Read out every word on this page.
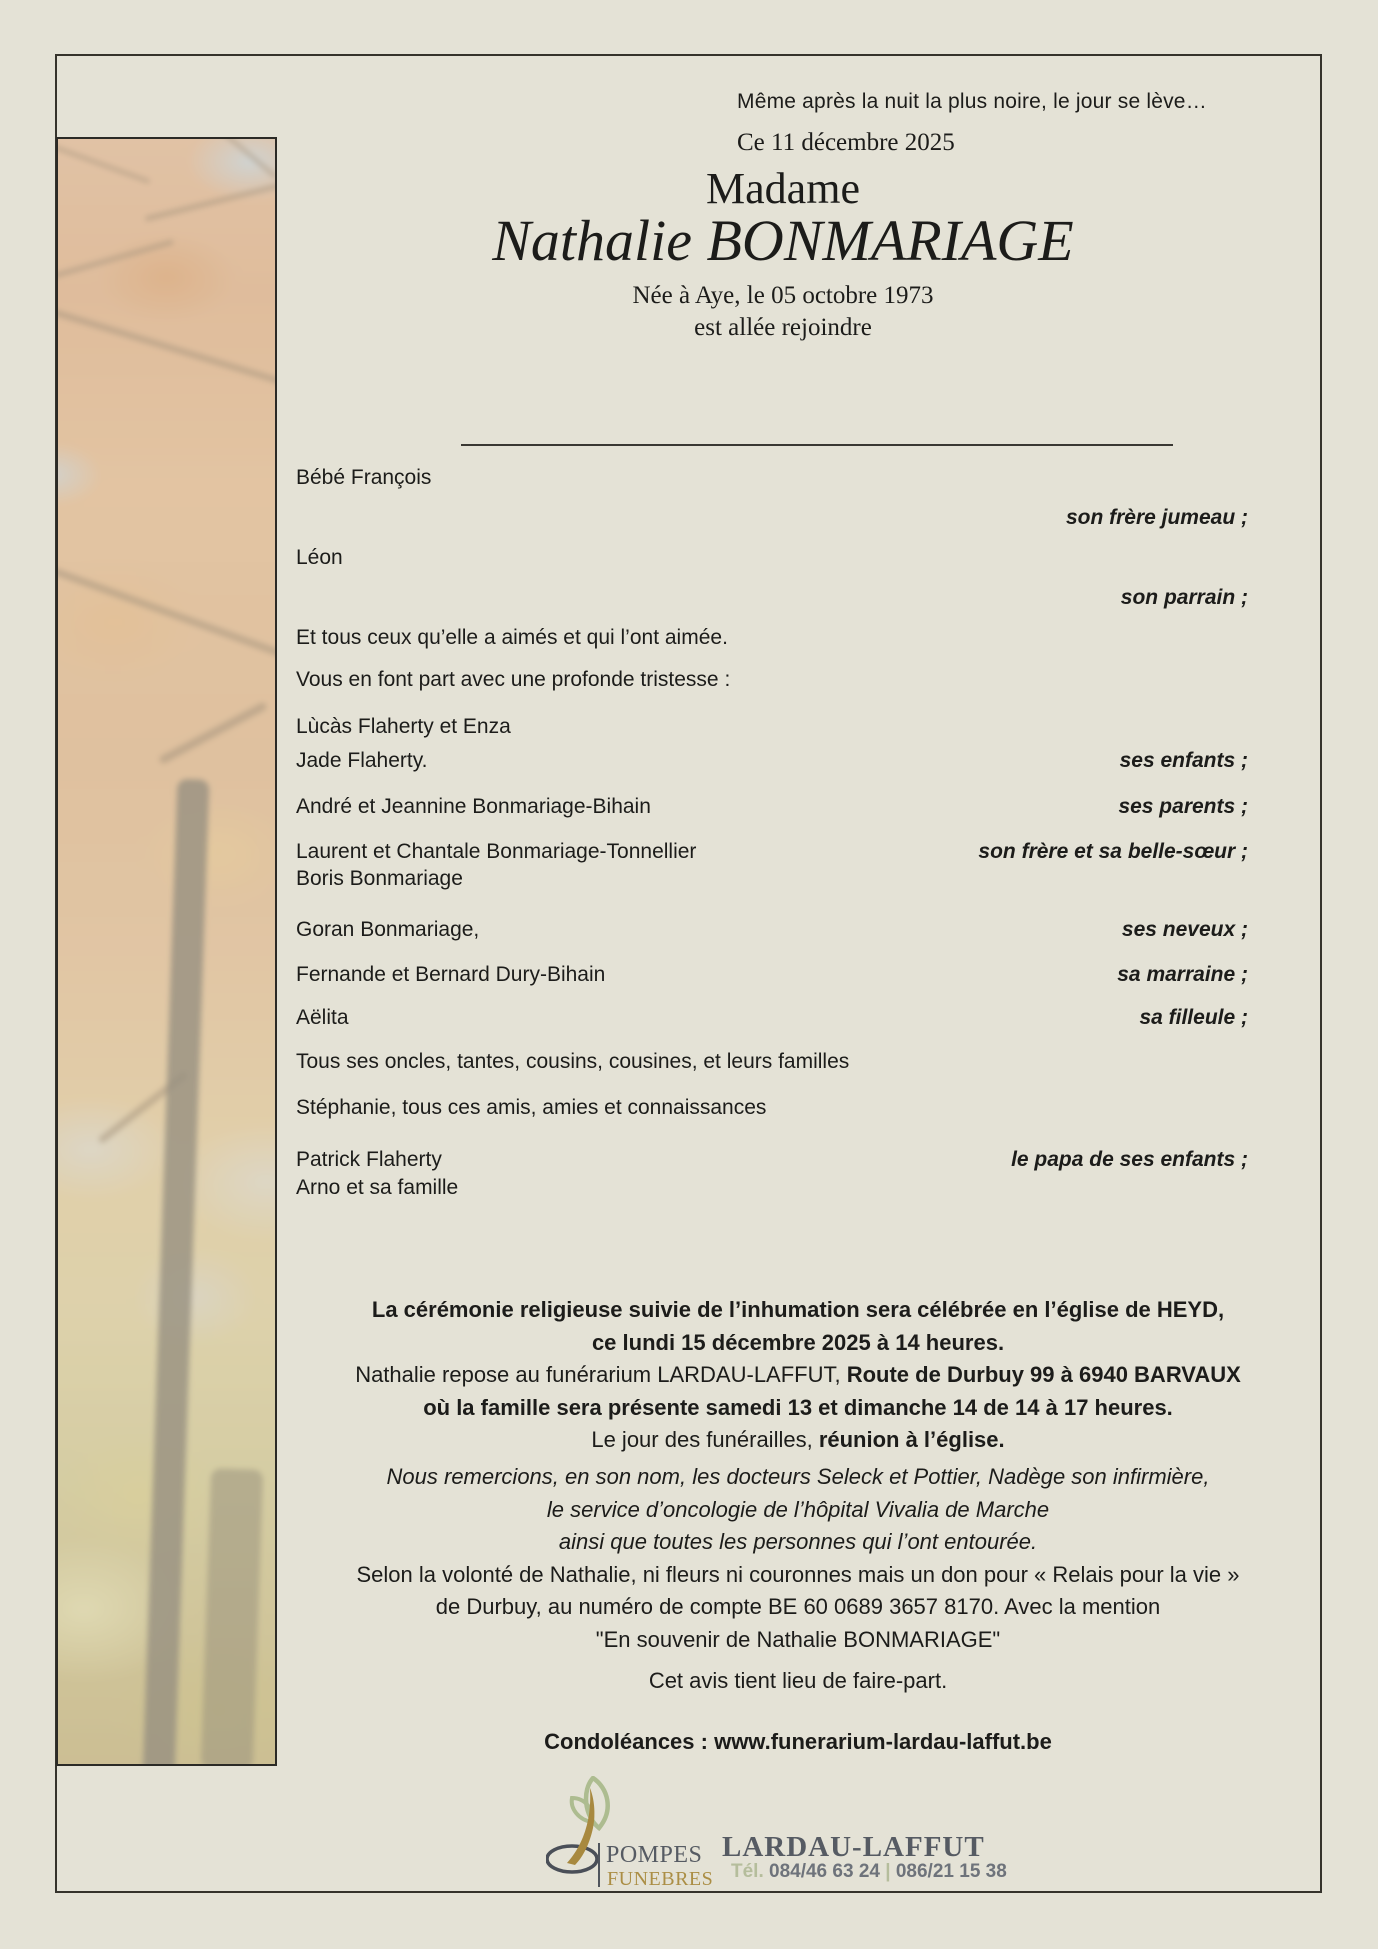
Même après la nuit la plus noire, le jour se lève…
Ce 11 décembre 2025
Madame
Nathalie BONMARIAGE
Née à Aye, le 05 octobre 1973
est allée rejoindre
Bébé François
son frère jumeau ;
Léon
son parrain ;
Et tous ceux qu’elle a aimés et qui l’ont aimée.
Vous en font part avec une profonde tristesse :
Lùcàs Flaherty et Enza
Jade Flaherty.	ses enfants ;
André et Jeannine Bonmariage-Bihain	ses parents ;
Laurent et Chantale Bonmariage-Tonnellier	son frère et sa belle-sœur ;
Boris Bonmariage
Goran Bonmariage,	ses neveux ;
Fernande et Bernard Dury-Bihain	sa marraine ;
Aëlita	sa filleule ;
Tous ses oncles, tantes, cousins, cousines, et leurs familles
Stéphanie, tous ces amis, amies et connaissances
Patrick Flaherty	le papa de ses enfants ;
Arno et sa famille
La cérémonie religieuse suivie de l’inhumation sera célébrée en l’église de HEYD,
ce lundi 15 décembre 2025 à 14 heures.
Nathalie repose au funérarium LARDAU-LAFFUT, Route de Durbuy 99 à 6940 BARVAUX
où la famille sera présente samedi 13 et dimanche 14 de 14 à 17 heures.
Le jour des funérailles, réunion à l’église.
Nous remercions, en son nom, les docteurs Seleck et Pottier, Nadège son infirmière,
le service d’oncologie de l’hôpital Vivalia de Marche
ainsi que toutes les personnes qui l’ont entourée.
Selon la volonté de Nathalie, ni fleurs ni couronnes mais un don pour « Relais pour la vie »
de Durbuy, au numéro de compte BE 60 0689 3657 8170. Avec la mention
"En souvenir de Nathalie BONMARIAGE"
Cet avis tient lieu de faire-part.
Condoléances : www.funerarium-lardau-laffut.be
POMPES
FUNEBRES
LARDAU-LAFFUT
Tél. 084/46 63 24 | 086/21 15 38
